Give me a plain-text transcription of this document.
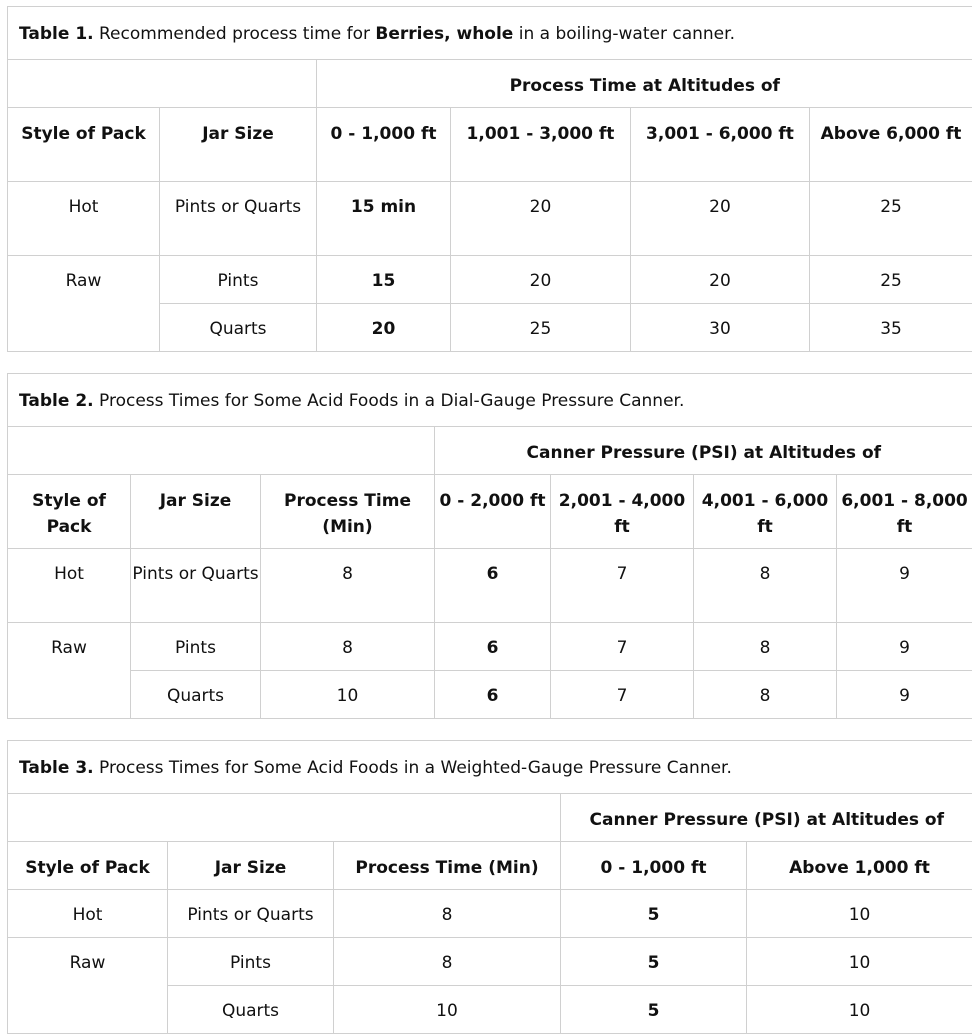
Table 1. Recommended process time for Berries, whole in a boiling-water canner.					
		Process Time at Altitudes of			
Style of Pack	Jar Size	0 - 1,000 ft	1,001 - 3,000 ft	3,001 - 6,000 ft	Above 6,000 ft
Hot	Pints or Quarts	15 min	20	20	25
Raw	Pints	15	20	20	25
	Quarts	20	25	30	35
Table 2. Process Times for Some Acid Foods in a Dial-Gauge Pressure Canner.						
			Canner Pressure (PSI) at Altitudes of			
Style of Pack	Jar Size	Process Time (Min)	0 - 2,000 ft	2,001 - 4,000 ft	4,001 - 6,000 ft	6,001 - 8,000 ft
Hot	Pints or Quarts	8	6	7	8	9
Raw	Pints	8	6	7	8	9
	Quarts	10	6	7	8	9
Table 3. Process Times for Some Acid Foods in a Weighted-Gauge Pressure Canner.				
			Canner Pressure (PSI) at Altitudes of	
Style of Pack	Jar Size	Process Time (Min)	0 - 1,000 ft	Above 1,000 ft
Hot	Pints or Quarts	8	5	10
Raw	Pints	8	5	10
	Quarts	10	5	10
